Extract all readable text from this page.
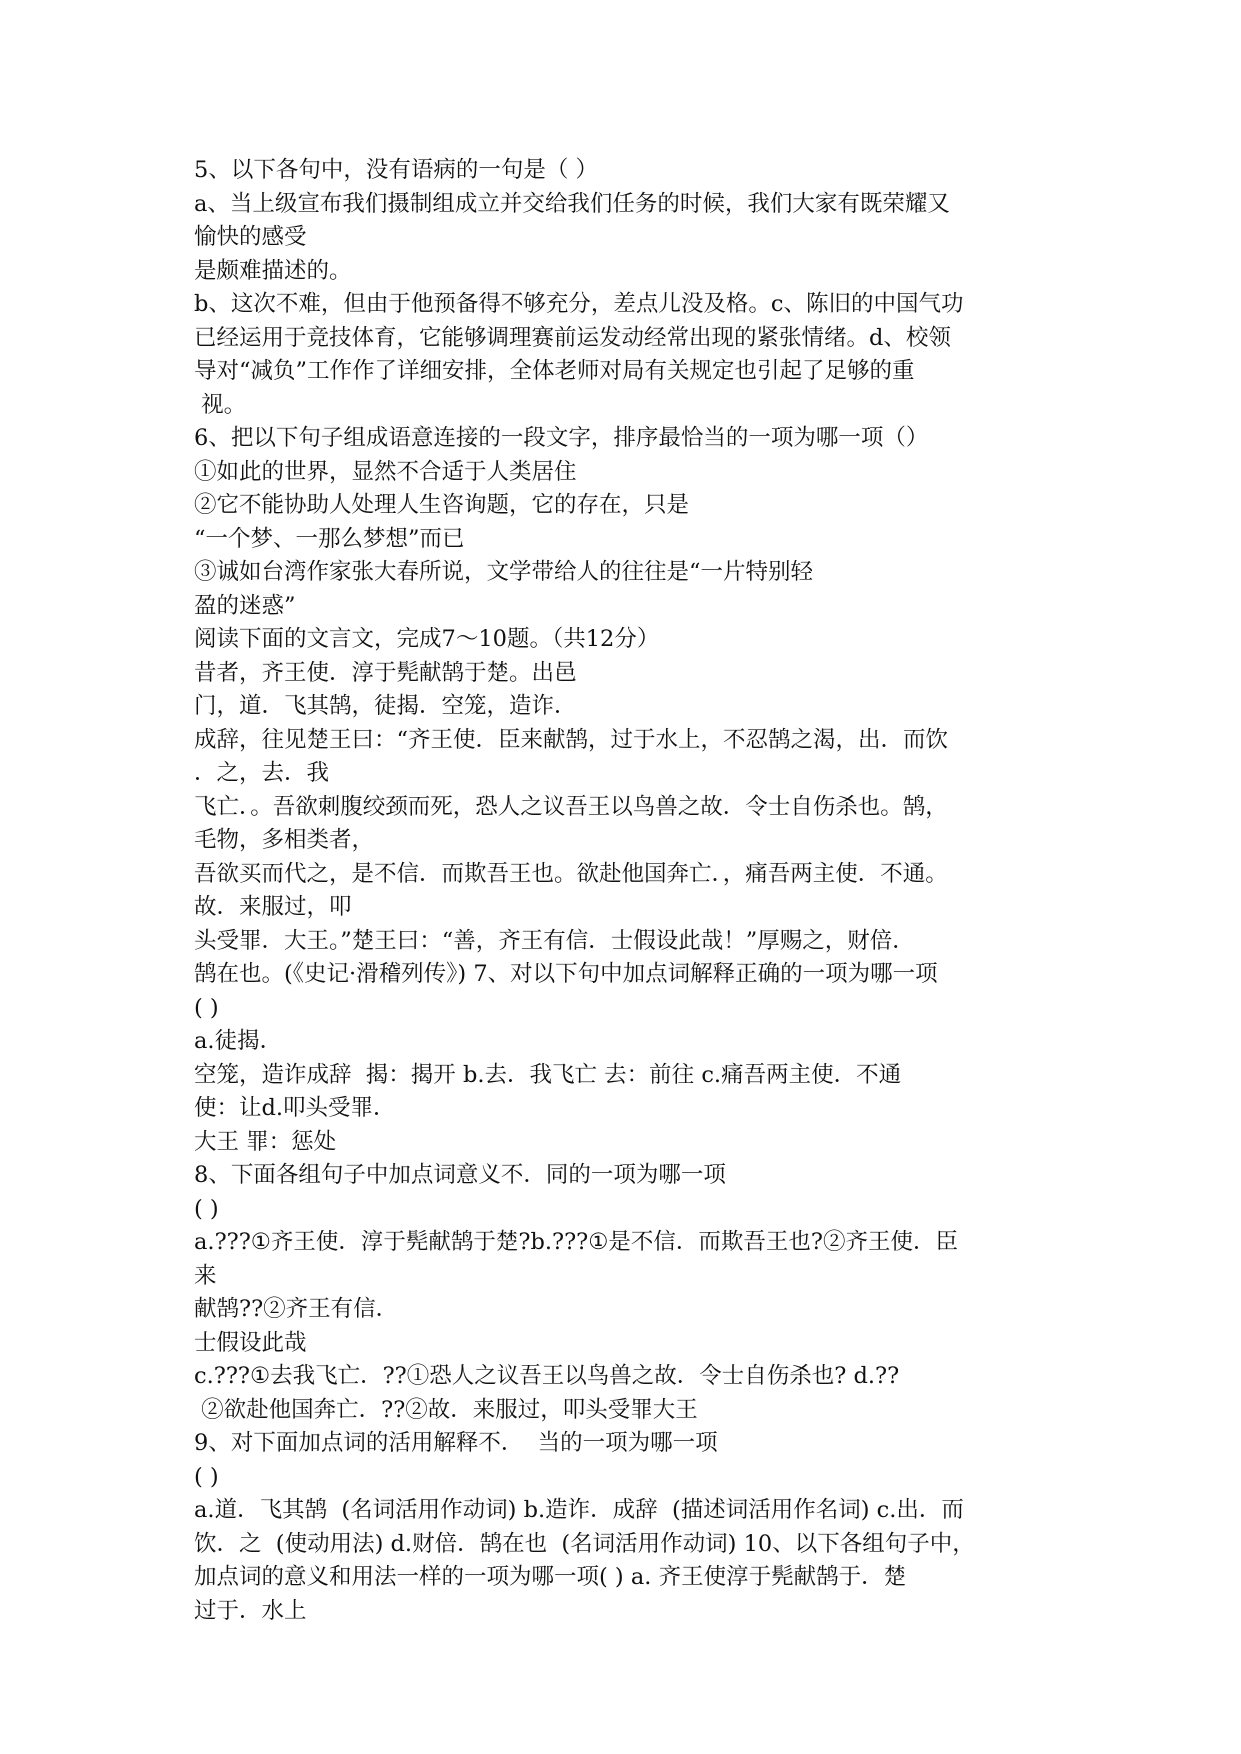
5、以下各句中，没有语病的一句是（ ）
a、当上级宣布我们摄制组成立并交给我们任务的时候，我们大家有既荣耀又
愉快的感受
是颇难描述的。
b、这次不难，但由于他预备得不够充分，差点儿没及格。c、陈旧的中国气功
已经运用于竞技体育，它能够调理赛前运发动经常出现的紧张情绪。d、校领
导对“减负”工作作了详细安排，全体老师对局有关规定也引起了足够的重
视。
6、把以下句子组成语意连接的一段文字，排序最恰当的一项为哪一项（）
①如此的世界，显然不合适于人类居住
②它不能协助人处理人生咨询题，它的存在，只是
“一个梦、一那么梦想”而已
③诚如台湾作家张大春所说，文学带给人的往往是“一片特别轻
盈的迷惑”
阅读下面的文言文，完成7～10题。（共12分）
昔者，齐王使．淳于髡献鹄于楚。出邑
门，道．飞其鹄，徒揭．空笼，造诈．
成辞，往见楚王曰：“齐王使．臣来献鹄，过于水上，不忍鹄之渴，出．而饮
．之，去．我
飞亡．。吾欲刺腹绞颈而死，恐人之议吾王以鸟兽之故．令士自伤杀也。鹄，
毛物，多相类者，
吾欲买而代之，是不信．而欺吾王也。欲赴他国奔亡．，痛吾两主使．不通。
故．来服过，叩
头受罪．大王。”楚王曰：“善，齐王有信．士假设此哉！”厚赐之，财倍．
鹄在也。(《史记·滑稽列传》) 7、对以下句中加点词解释正确的一项为哪一项
( )
a.徒揭．
空笼，造诈成辞  揭：揭开 b.去．我飞亡 去：前往 c.痛吾两主使．不通
使：让d.叩头受罪．
大王 罪：惩处
8、下面各组句子中加点词意义不．同的一项为哪一项
( )
a.???①齐王使．淳于髡献鹄于楚?b.???①是不信．而欺吾王也?②齐王使．臣
来
献鹄??②齐王有信．
士假设此哉
c.???①去我飞亡．??①恐人之议吾王以鸟兽之故．令士自伤杀也? d.??
②欲赴他国奔亡．??②故．来服过，叩头受罪大王
9、对下面加点词的活用解释不．  当的一项为哪一项
( )
a.道．飞其鹄  (名词活用作动词) b.造诈．成辞  (描述词活用作名词) c.出．而
饮．之  (使动用法) d.财倍．鹄在也  (名词活用作动词) 10、以下各组句子中，
加点词的意义和用法一样的一项为哪一项( ) a. 齐王使淳于髡献鹄于．楚
过于．水上
